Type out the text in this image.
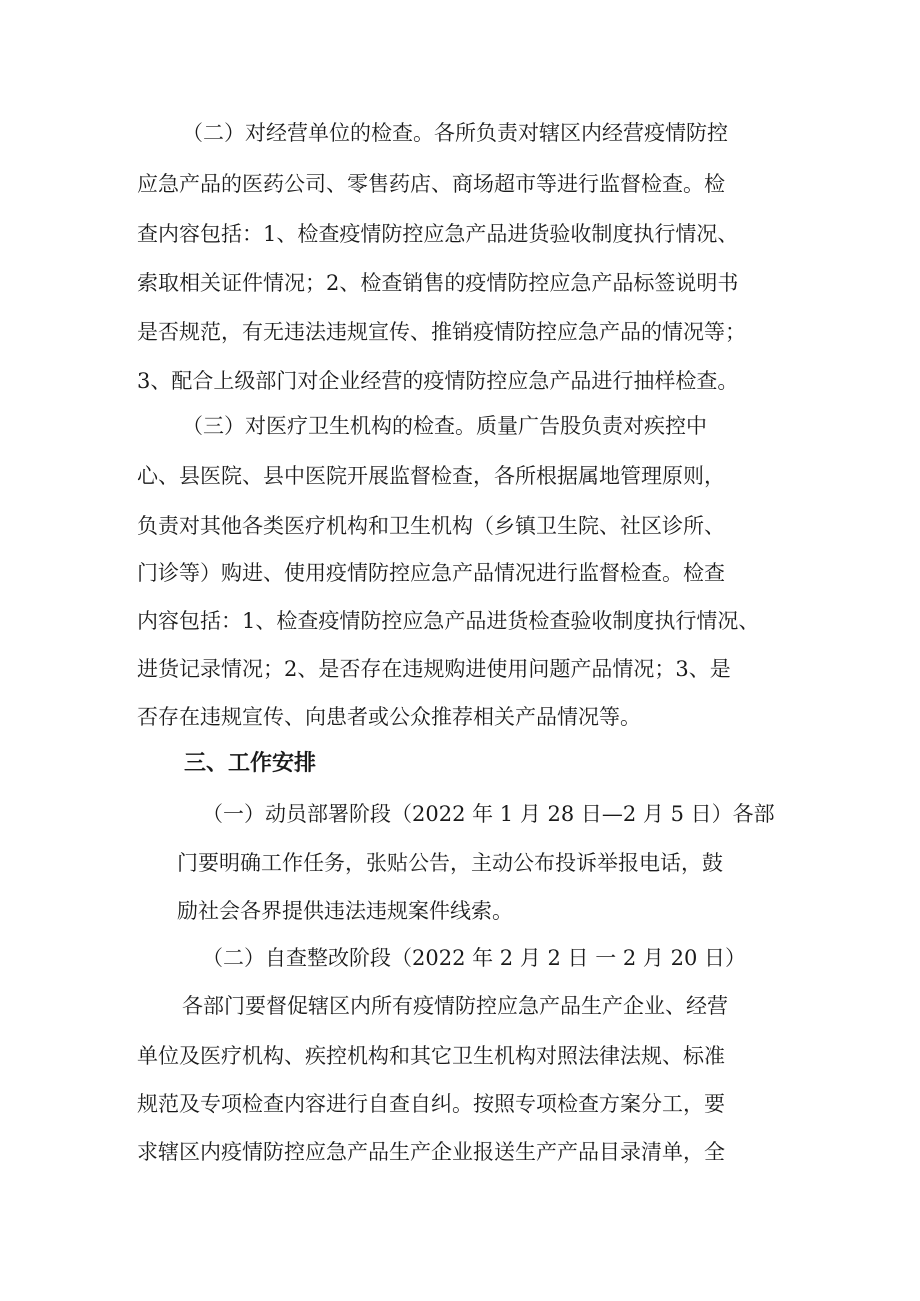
（二）对经营单位的检查。各所负责对辖区内经营疫情防控
应急产品的医药公司、零售药店、商场超市等进行监督检查。检
查内容包括：1、检查疫情防控应急产品进货验收制度执行情况、
索取相关证件情况；2、检查销售的疫情防控应急产品标签说明书
是否规范，有无违法违规宣传、推销疫情防控应急产品的情况等；
3、配合上级部门对企业经营的疫情防控应急产品进行抽样检查。
（三）对医疗卫生机构的检查。质量广告股负责对疾控中
心、县医院、县中医院开展监督检查，各所根据属地管理原则，
负责对其他各类医疗机构和卫生机构（乡镇卫生院、社区诊所、
门诊等）购进、使用疫情防控应急产品情况进行监督检查。检查
内容包括：1、检查疫情防控应急产品进货检查验收制度执行情况、
进货记录情况；2、是否存在违规购进使用问题产品情况；3、是
否存在违规宣传、向患者或公众推荐相关产品情况等。
三、工作安排
（一）动员部署阶段（2022 年 1 月 28 日—2 月 5 日）各部
门要明确工作任务，张贴公告，主动公布投诉举报电话，鼓
励社会各界提供违法违规案件线索。
（二）自查整改阶段（2022 年 2 月 2 日 一 2 月 20 日）
各部门要督促辖区内所有疫情防控应急产品生产企业、经营
单位及医疗机构、疾控机构和其它卫生机构对照法律法规、标准
规范及专项检查内容进行自查自纠。按照专项检查方案分工，要
求辖区内疫情防控应急产品生产企业报送生产产品目录清单，全
